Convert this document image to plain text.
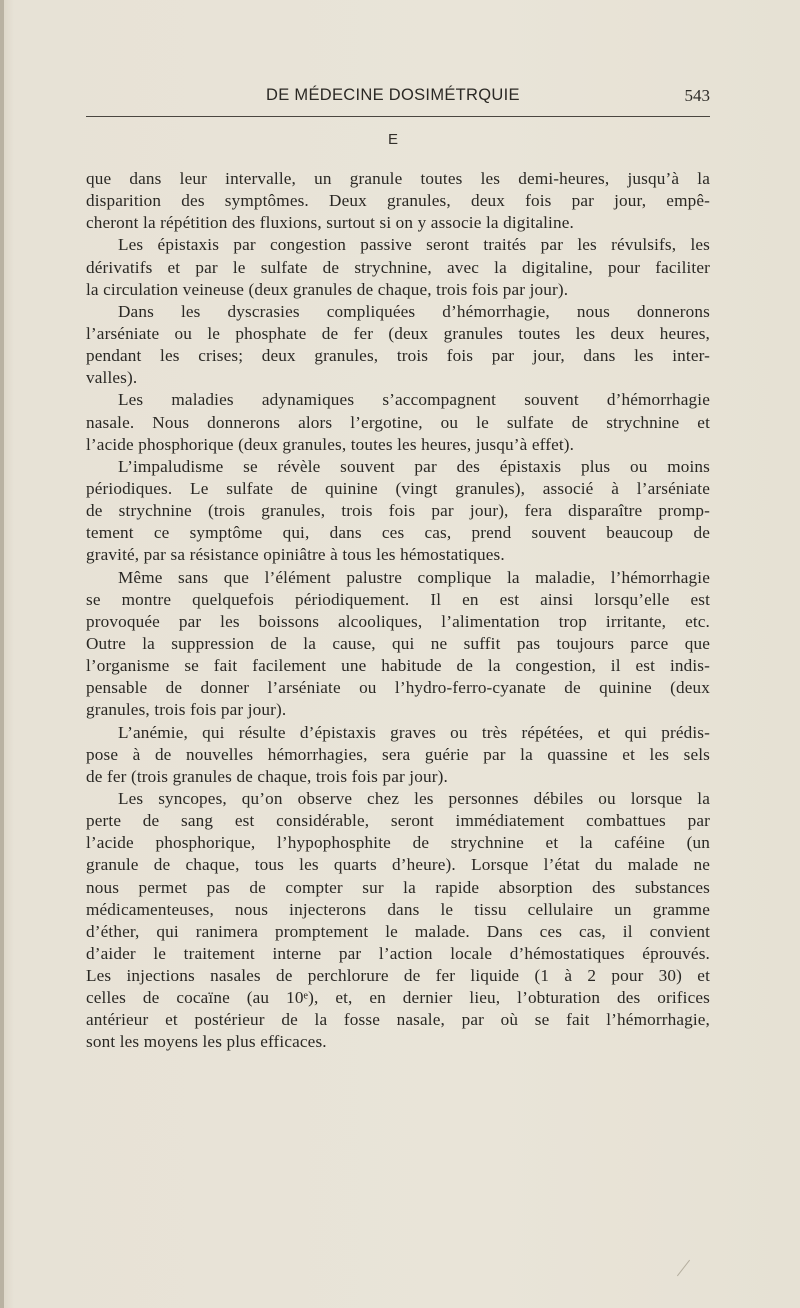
DE MÉDECINE DOSIMÉTRQUIE	543
E
que dans leur intervalle, un granule toutes les demi-heures, jusqu’à la
disparition des symptômes. Deux granules, deux fois par jour, empê-
cheront la répétition des fluxions, surtout si on y associe la digitaline.
Les épistaxis par congestion passive seront traités par les révulsifs, les
dérivatifs et par le sulfate de strychnine, avec la digitaline, pour faciliter
la circulation veineuse (deux granules de chaque, trois fois par jour).
Dans les dyscrasies compliquées d’hémorrhagie, nous donnerons
l’arséniate ou le phosphate de fer (deux granules toutes les deux heures,
pendant les crises; deux granules, trois fois par jour, dans les inter-
valles).
Les maladies adynamiques s’accompagnent souvent d’hémorrhagie
nasale. Nous donnerons alors l’ergotine, ou le sulfate de strychnine et
l’acide phosphorique (deux granules, toutes les heures, jusqu’à effet).
L’impaludisme se révèle souvent par des épistaxis plus ou moins
périodiques. Le sulfate de quinine (vingt granules), associé à l’arséniate
de strychnine (trois granules, trois fois par jour), fera disparaître promp-
tement ce symptôme qui, dans ces cas, prend souvent beaucoup de
gravité, par sa résistance opiniâtre à tous les hémostatiques.
Même sans que l’élément palustre complique la maladie, l’hémorrhagie
se montre quelquefois périodiquement. Il en est ainsi lorsqu’elle est
provoquée par les boissons alcooliques, l’alimentation trop irritante, etc.
Outre la suppression de la cause, qui ne suffit pas toujours parce que
l’organisme se fait facilement une habitude de la congestion, il est indis-
pensable de donner l’arséniate ou l’hydro-ferro-cyanate de quinine (deux
granules, trois fois par jour).
L’anémie, qui résulte d’épistaxis graves ou très répétées, et qui prédis-
pose à de nouvelles hémorrhagies, sera guérie par la quassine et les sels
de fer (trois granules de chaque, trois fois par jour).
Les syncopes, qu’on observe chez les personnes débiles ou lorsque la
perte de sang est considérable, seront immédiatement combattues par
l’acide phosphorique, l’hypophosphite de strychnine et la caféine (un
granule de chaque, tous les quarts d’heure). Lorsque l’état du malade ne
nous permet pas de compter sur la rapide absorption des substances
médicamenteuses, nous injecterons dans le tissu cellulaire un gramme
d’éther, qui ranimera promptement le malade. Dans ces cas, il convient
d’aider le traitement interne par l’action locale d’hémostatiques éprouvés.
Les injections nasales de perchlorure de fer liquide (1 à 2 pour 30) et
celles de cocaïne (au 10ᵉ), et, en dernier lieu, l’obturation des orifices
antérieur et postérieur de la fosse nasale, par où se fait l’hémorrhagie,
sont les moyens les plus efficaces.
